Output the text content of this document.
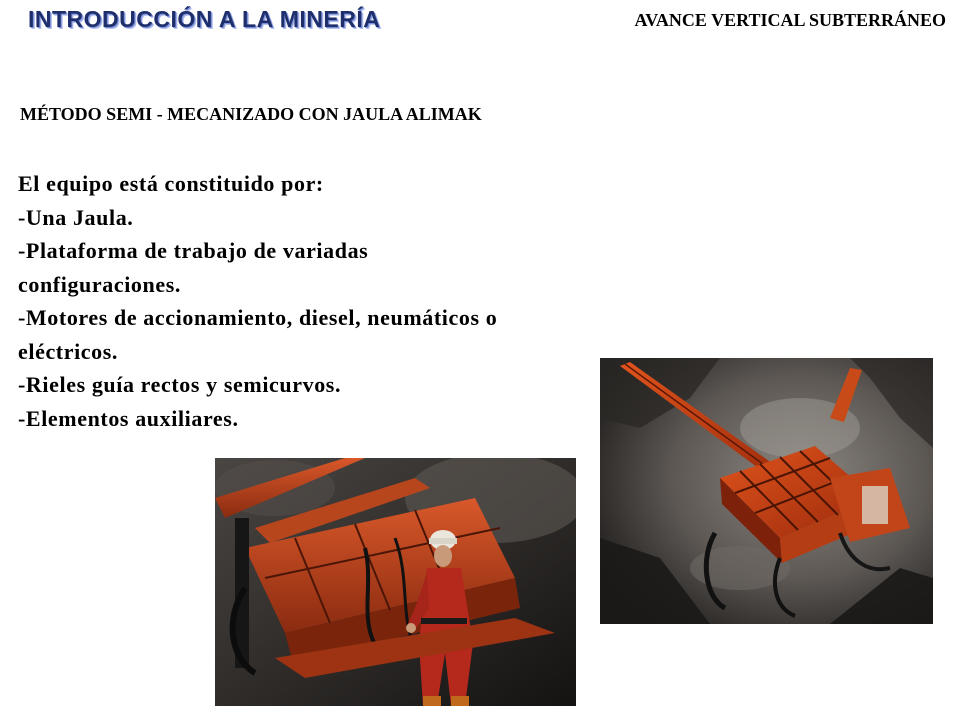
INTRODUCCIÓN A LA MINERÍA	AVANCE VERTICAL SUBTERRÁNEO
MÉTODO SEMI - MECANIZADO CON JAULA ALIMAK
El equipo está constituido por:
-Una Jaula.
-Plataforma de trabajo de variadas
configuraciones.
-Motores de accionamiento, diesel, neumáticos o
eléctricos.
-Rieles guía rectos y semicurvos.
-Elementos auxiliares.
